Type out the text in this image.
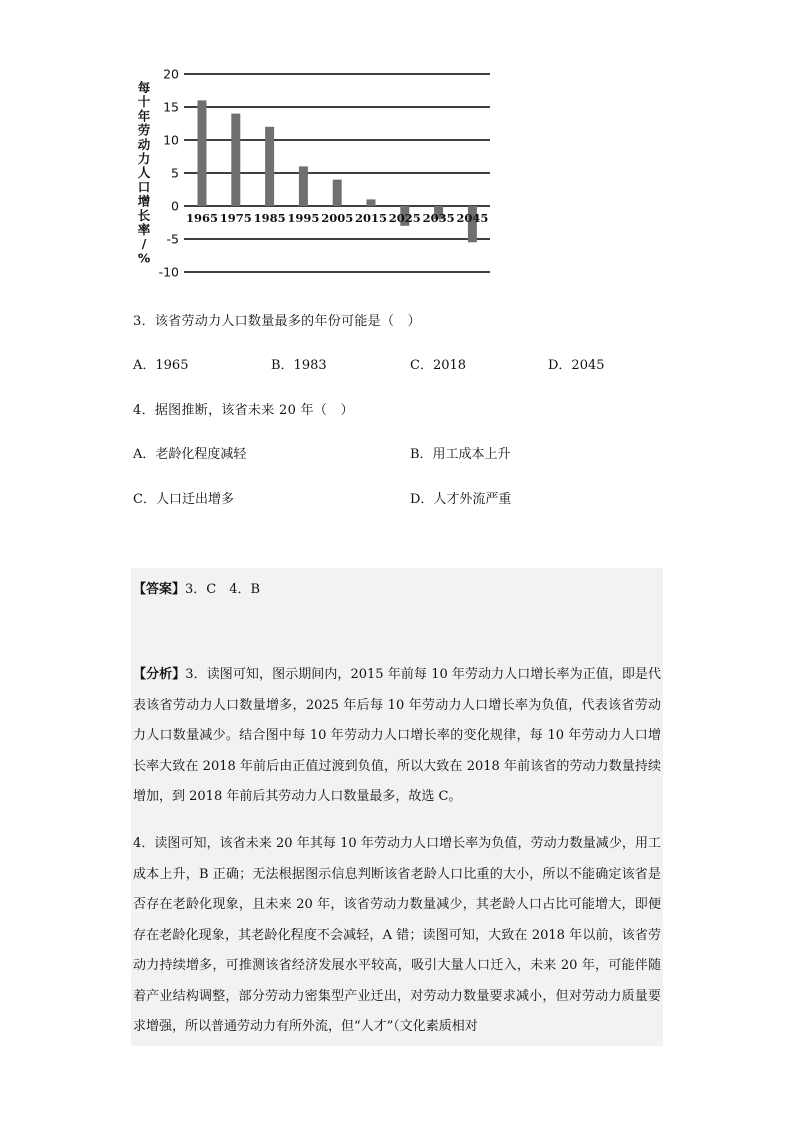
20
15
10
5
0
-5
-10
1965 1975 1985 1995 2005 2015 2025 2035 2045
每十年劳动力人口增长率/ %
3．该省劳动力人口数量最多的年份可能是（　）
A．1965	B．1983	C．2018	D．2045
4．据图推断，该省未来 20 年（　）
A．老龄化程度减轻	B．用工成本上升
C．人口迁出增多	D．人才外流严重
【答案】3．C　4．B
【分析】3．读图可知，图示期间内，2015 年前每 10 年劳动力人口增长率为正值，即是代表该省劳动力人口数量增多，2025 年后每 10 年劳动力人口增长率为负值，代表该省劳动力人口数量减少。结合图中每 10 年劳动力人口增长率的变化规律，每 10 年劳动力人口增长率大致在 2018 年前后由正值过渡到负值，所以大致在 2018 年前该省的劳动力数量持续增加，到 2018 年前后其劳动力人口数量最多，故选 C。
4．读图可知，该省未来 20 年其每 10 年劳动力人口增长率为负值，劳动力数量减少，用工成本上升，B 正确；无法根据图示信息判断该省老龄人口比重的大小，所以不能确定该省是否存在老龄化现象，且未来 20 年，该省劳动力数量减少，其老龄人口占比可能增大，即便存在老龄化现象，其老龄化程度不会减轻，A 错；读图可知，大致在 2018 年以前，该省劳动力持续增多，可推测该省经济发展水平较高，吸引大量人口迁入，未来 20 年，可能伴随着产业结构调整，部分劳动力密集型产业迁出，对劳动力数量要求减小，但对劳动力质量要求增强，所以普通劳动力有所外流，但“人才”（文化素质相对
